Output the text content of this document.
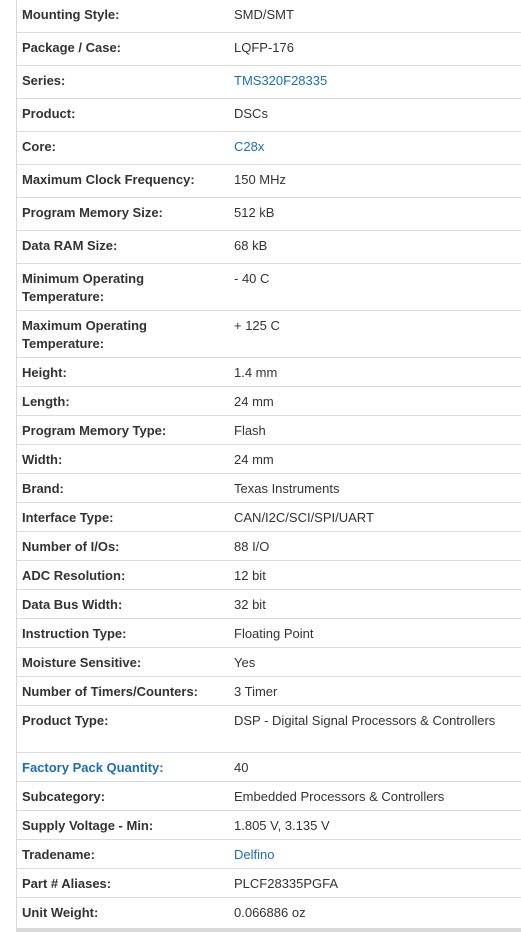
Mounting Style:	SMD/SMT
Package / Case:	LQFP-176
Series:	TMS320F28335
Product:	DSCs
Core:	C28x
Maximum Clock Frequency:	150 MHz
Program Memory Size:	512 kB
Data RAM Size:	68 kB
Minimum Operating Temperature:
- 40 C
Maximum Operating Temperature:
+ 125 C
Height:	1.4 mm
Length:	24 mm
Program Memory Type:	Flash
Width:	24 mm
Brand:	Texas Instruments
Interface Type:	CAN/I2C/SCI/SPI/UART
Number of I/Os:	88 I/O
ADC Resolution:	12 bit
Data Bus Width:	32 bit
Instruction Type:	Floating Point
Moisture Sensitive:	Yes
Number of Timers/Counters:	3 Timer
Product Type:	DSP - Digital Signal Processors & Controllers
Factory Pack Quantity:	40
Subcategory:	Embedded Processors & Controllers
Supply Voltage - Min:	1.805 V, 3.135 V
Tradename:	Delfino
Part # Aliases:	PLCF28335PGFA
Unit Weight:	0.066886 oz
